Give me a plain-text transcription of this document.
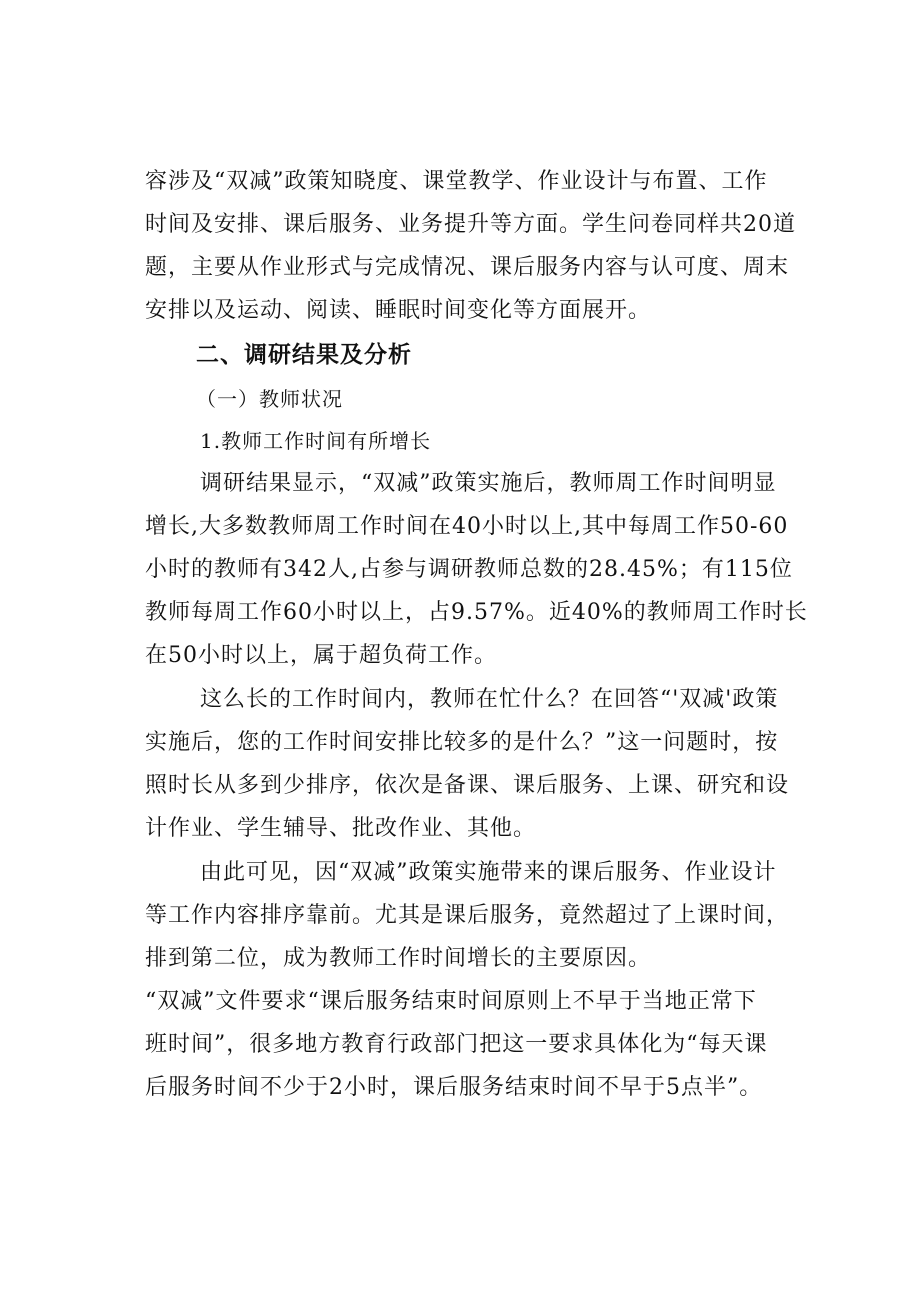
容涉及“双减”政策知晓度、课堂教学、作业设计与布置、工作
时间及安排、课后服务、业务提升等方面。学生问卷同样共20道
题，主要从作业形式与完成情况、课后服务内容与认可度、周末
安排以及运动、阅读、睡眠时间变化等方面展开。
二、调研结果及分析
（一）教师状况
1.教师工作时间有所增长
调研结果显示，“双减”政策实施后，教师周工作时间明显
增长,大多数教师周工作时间在40小时以上,其中每周工作50-60
小时的教师有342人,占参与调研教师总数的28.45%；有115位
教师每周工作60小时以上，占9.57%。近40%的教师周工作时长
在50小时以上，属于超负荷工作。
这么长的工作时间内，教师在忙什么？在回答“'双减'政策
实施后，您的工作时间安排比较多的是什么？”这一问题时，按
照时长从多到少排序，依次是备课、课后服务、上课、研究和设
计作业、学生辅导、批改作业、其他。
由此可见，因“双减”政策实施带来的课后服务、作业设计
等工作内容排序靠前。尤其是课后服务，竟然超过了上课时间，
排到第二位，成为教师工作时间增长的主要原因。
“双减”文件要求“课后服务结束时间原则上不早于当地正常下
班时间”，很多地方教育行政部门把这一要求具体化为“每天课
后服务时间不少于2小时，课后服务结束时间不早于5点半”。
